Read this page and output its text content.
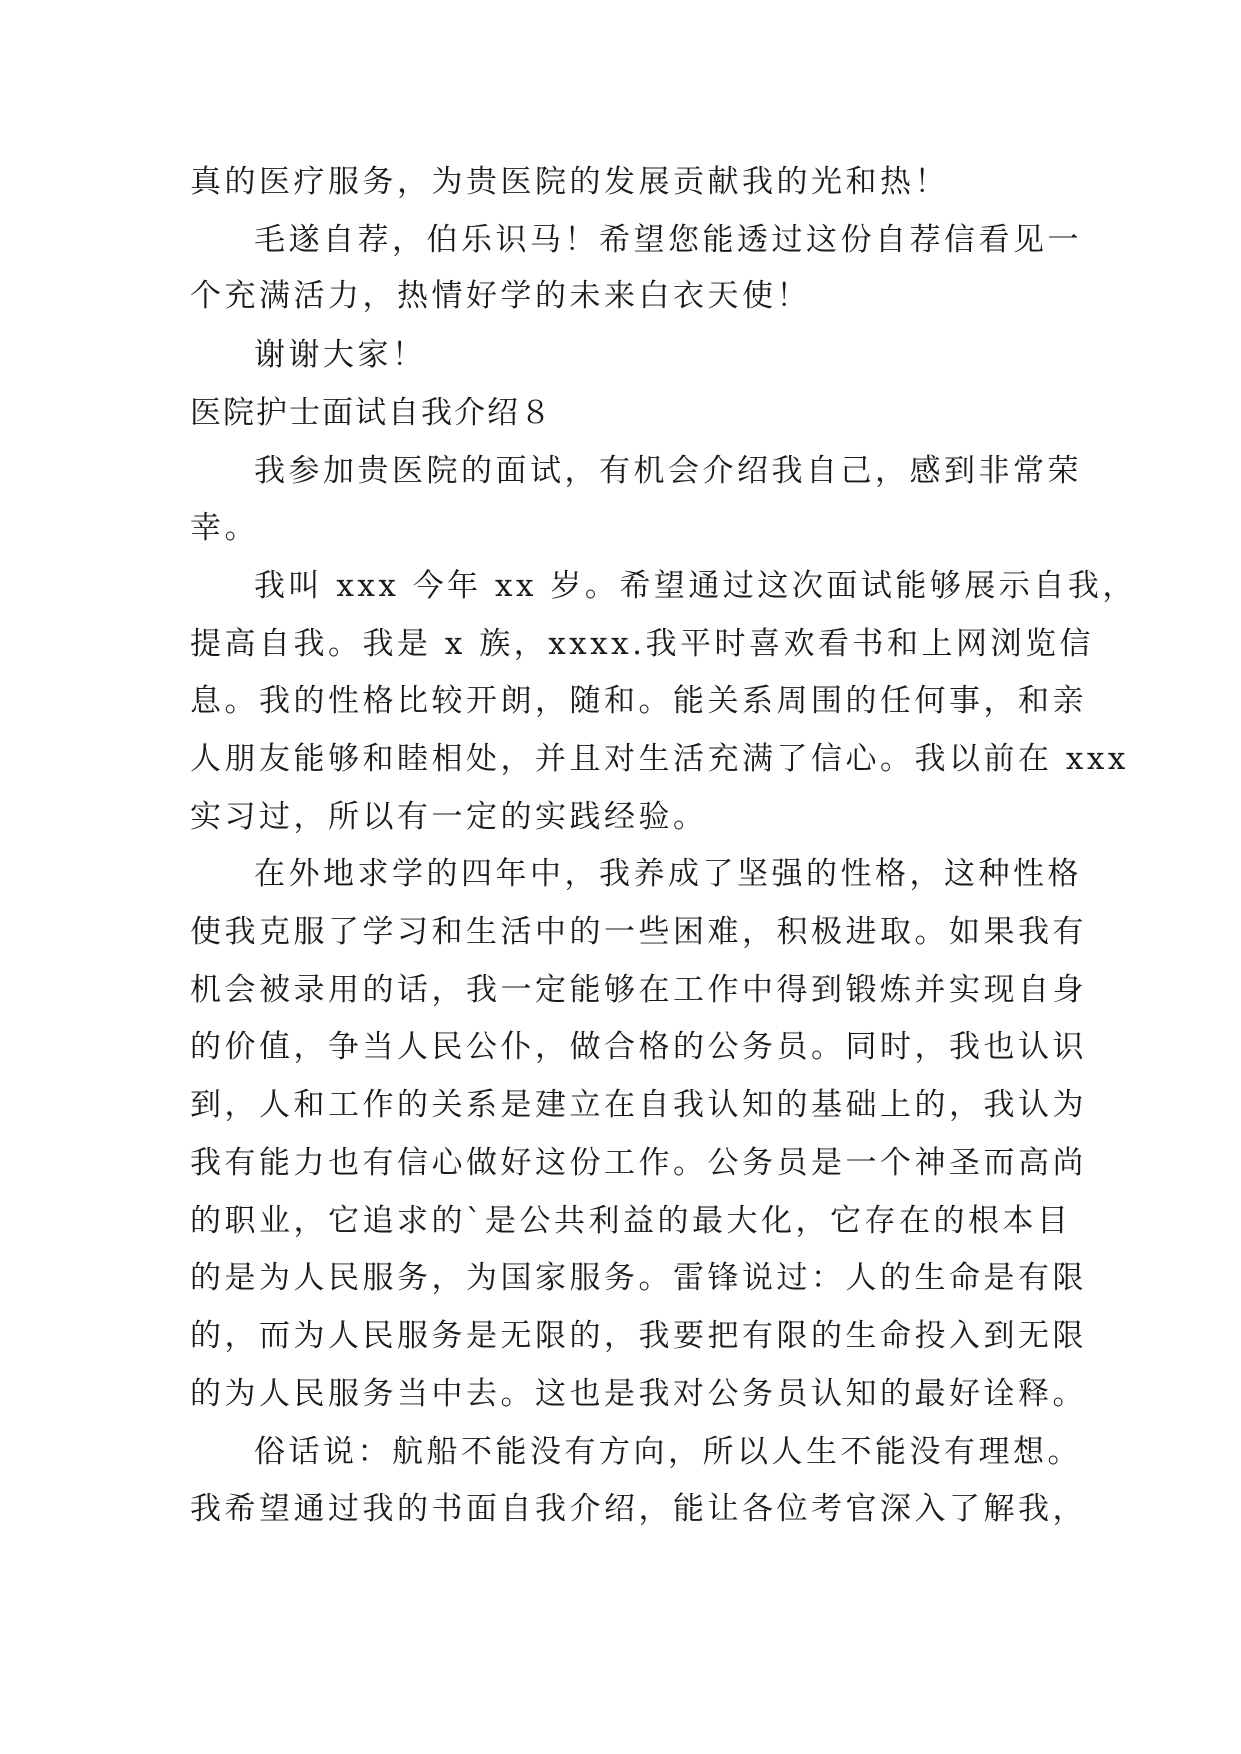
真的医疗服务，为贵医院的发展贡献我的光和热！
毛遂自荐，伯乐识马！希望您能透过这份自荐信看见一
个充满活力，热情好学的未来白衣天使！
谢谢大家！
医院护士面试自我介绍８
我参加贵医院的面试，有机会介绍我自己，感到非常荣
幸。
我叫 xxx 今年 xx 岁。希望通过这次面试能够展示自我，
提高自我。我是 x 族，xxxx.我平时喜欢看书和上网浏览信
息。我的性格比较开朗，随和。能关系周围的任何事，和亲
人朋友能够和睦相处，并且对生活充满了信心。我以前在 xxx
实习过，所以有一定的实践经验。
在外地求学的四年中，我养成了坚强的性格，这种性格
使我克服了学习和生活中的一些困难，积极进取。如果我有
机会被录用的话，我一定能够在工作中得到锻炼并实现自身
的价值，争当人民公仆，做合格的公务员。同时，我也认识
到，人和工作的关系是建立在自我认知的基础上的，我认为
我有能力也有信心做好这份工作。公务员是一个神圣而高尚
的职业，它追求的`是公共利益的最大化，它存在的根本目
的是为人民服务，为国家服务。雷锋说过：人的生命是有限
的，而为人民服务是无限的，我要把有限的生命投入到无限
的为人民服务当中去。这也是我对公务员认知的最好诠释。
俗话说：航船不能没有方向，所以人生不能没有理想。
我希望通过我的书面自我介绍，能让各位考官深入了解我，
